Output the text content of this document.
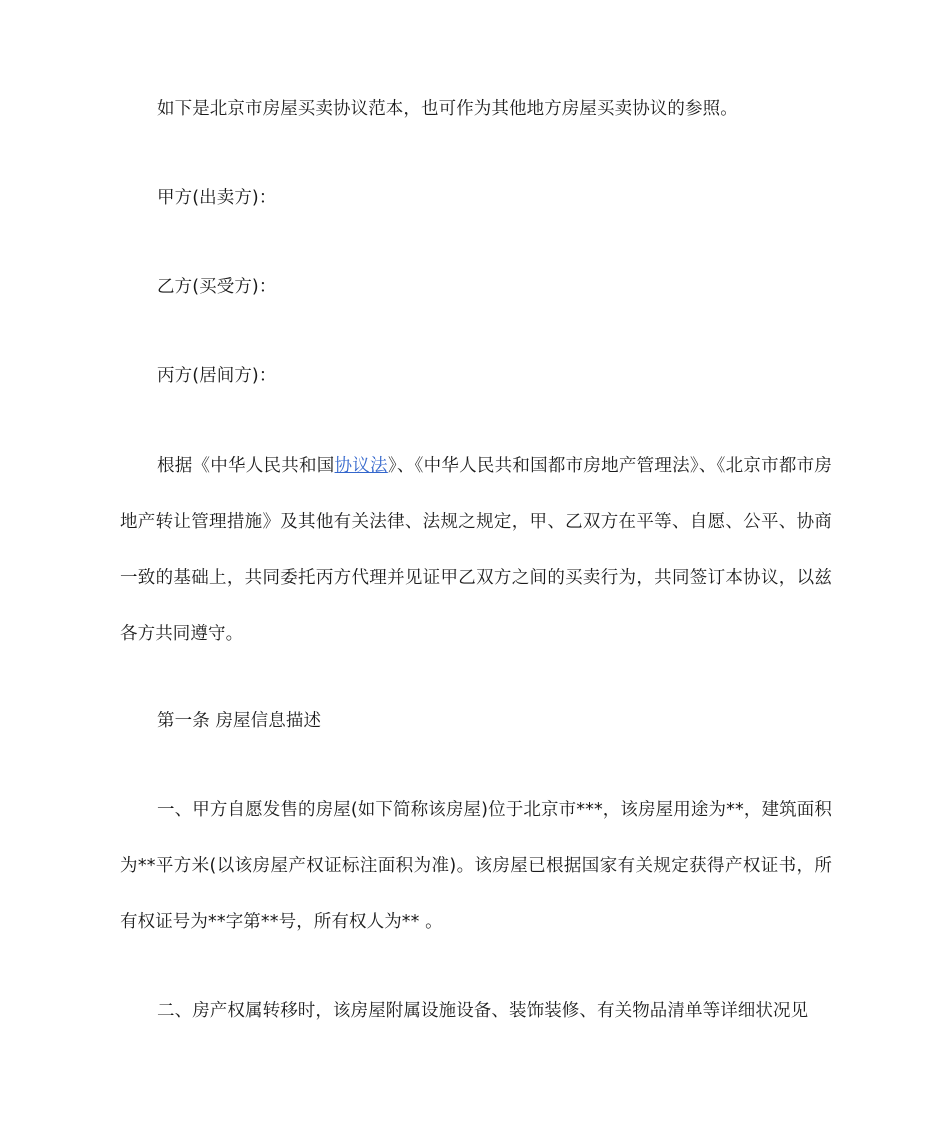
如下是北京市房屋买卖协议范本，也可作为其他地方房屋买卖协议的参照。

甲方(出卖方)：

乙方(买受方)：

丙方(居间方)：

根据《中华人民共和国协议法》、《中华人民共和国都市房地产管理法》、《北京市都市房地产转让管理措施》及其他有关法律、法规之规定，甲、乙双方在平等、自愿、公平、协商一致的基础上，共同委托丙方代理并见证甲乙双方之间的买卖行为，共同签订本协议，以兹各方共同遵守。

第一条 房屋信息描述

一、甲方自愿发售的房屋(如下简称该房屋)位于北京市***，该房屋用途为**，建筑面积为**平方米(以该房屋产权证标注面积为准)。该房屋已根据国家有关规定获得产权证书，所有权证号为**字第**号，所有权人为** 。

二、房产权属转移时，该房屋附属设施设备、装饰装修、有关物品清单等详细状况见
